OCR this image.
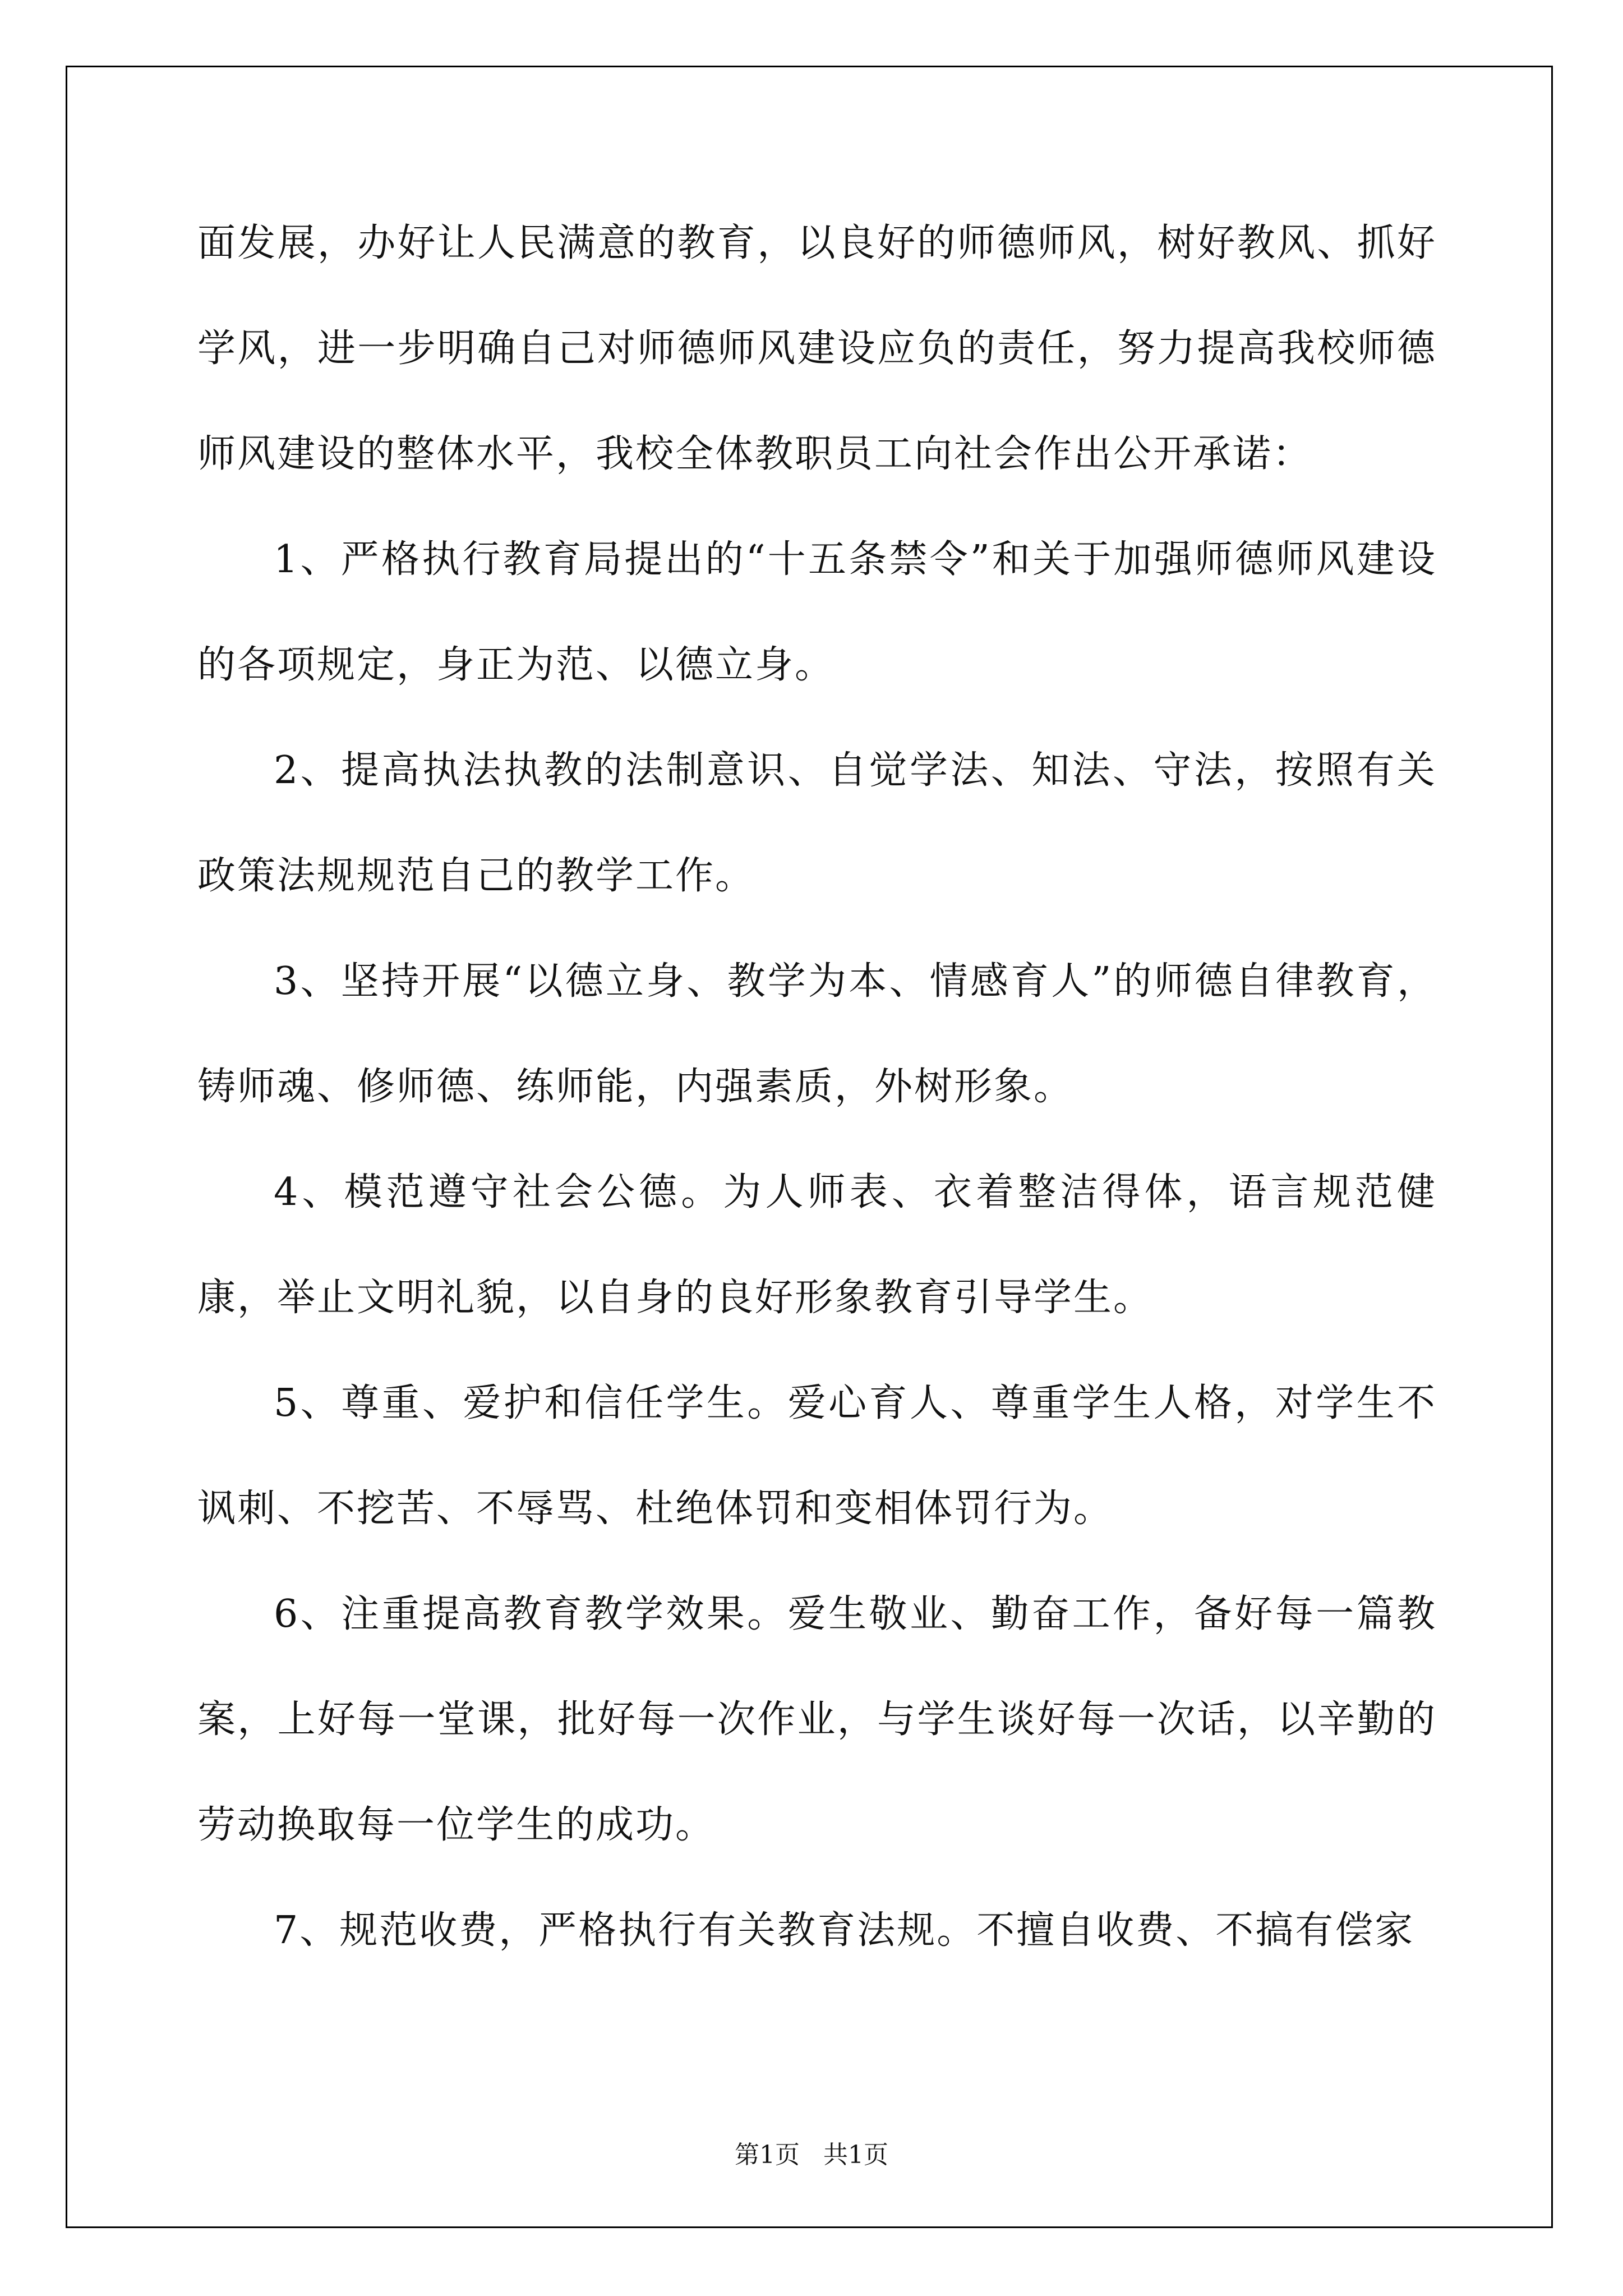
面发展，办好让人民满意的教育，以良好的师德师风，树好教风、抓好学风，进一步明确自己对师德师风建设应负的责任，努力提高我校师德师风建设的整体水平，我校全体教职员工向社会作出公开承诺：

1、严格执行教育局提出的“十五条禁令”和关于加强师德师风建设的各项规定，身正为范、以德立身。

2、提高执法执教的法制意识、自觉学法、知法、守法，按照有关政策法规规范自己的教学工作。

3、坚持开展“以德立身、教学为本、情感育人”的师德自律教育，铸师魂、修师德、练师能，内强素质，外树形象。

4、模范遵守社会公德。为人师表、衣着整洁得体，语言规范健康，举止文明礼貌，以自身的良好形象教育引导学生。

5、尊重、爱护和信任学生。爱心育人、尊重学生人格，对学生不讽刺、不挖苦、不辱骂、杜绝体罚和变相体罚行为。

6、注重提高教育教学效果。爱生敬业、勤奋工作，备好每一篇教案，上好每一堂课，批好每一次作业，与学生谈好每一次话，以辛勤的劳动换取每一位学生的成功。

7、规范收费，严格执行有关教育法规。不擅自收费、不搞有偿家

第1页   共1页
